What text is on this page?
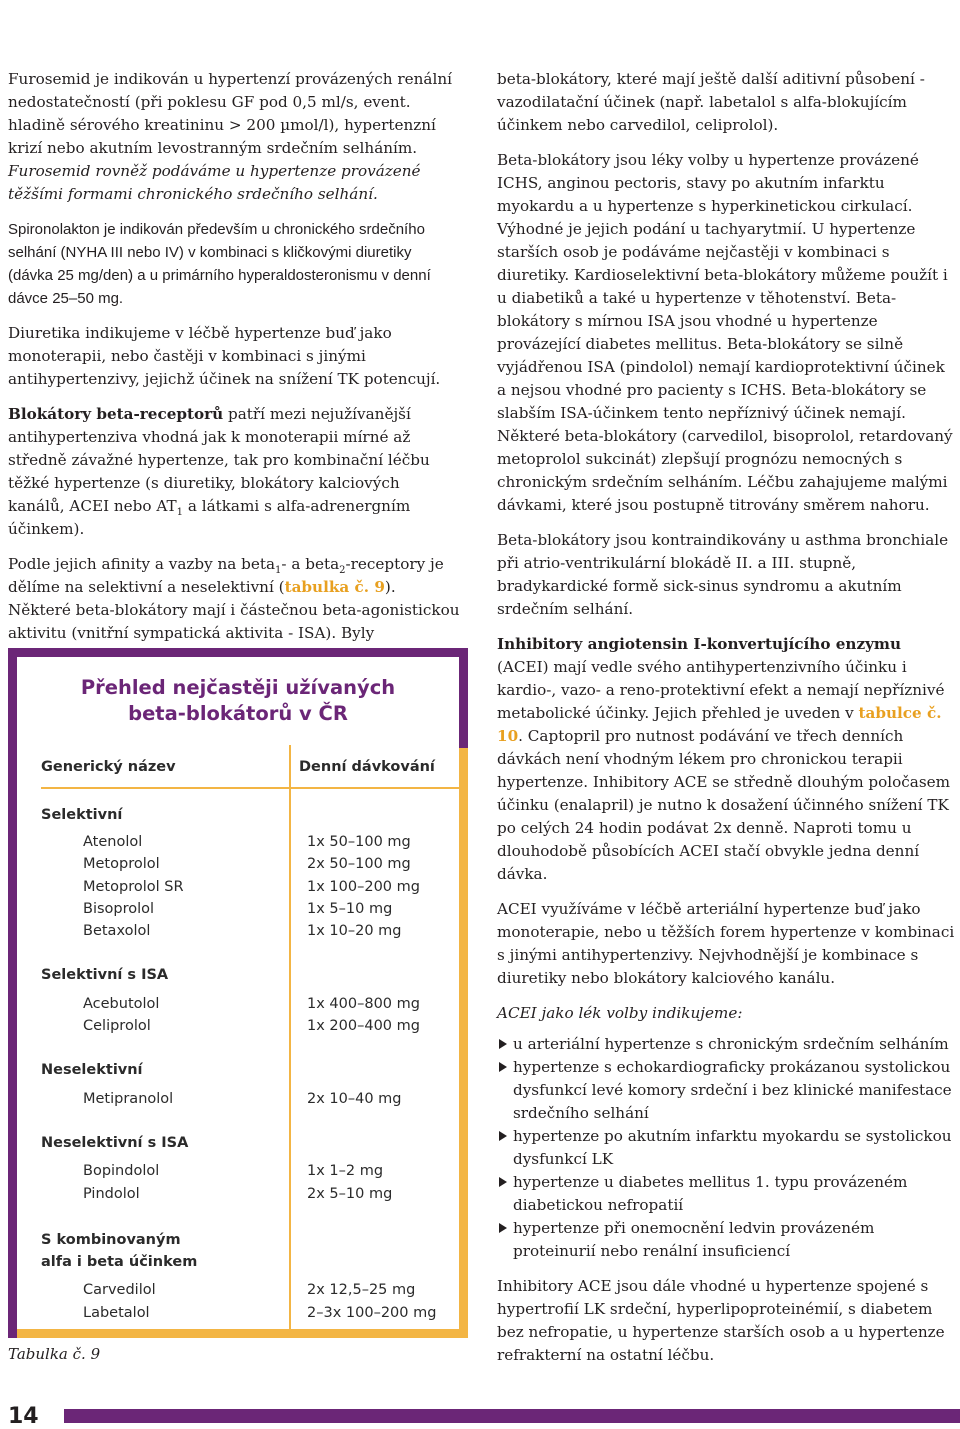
Furosemid je indikován u hypertenzí provázených renální nedostatečností (při poklesu GF pod 0,5 ml/s, event. hladině sérového kreatininu > 200 µmol/l), hypertenzní krizí nebo akutním levostranným srdečním selháním. Furosemid rovněž podáváme u hypertenze provázené těžšími formami chronického srdečního selhání.

Spironolakton je indikován především u chronického srdečního selhání (NYHA III nebo IV) v kombinaci s kličkovými diuretiky (dávka 25 mg/den) a u primárního hyperaldosteronismu v denní dávce 25–50 mg.

Diuretika indikujeme v léčbě hypertenze buď jako monoterapii, nebo častěji v kombinaci s jinými antihypertenzivy, jejichž účinek na snížení TK potencují.

Blokátory beta-receptorů patří mezi nejužívanější antihypertenziva vhodná jak k monoterapii mírné až středně závažné hypertenze, tak pro kombinační léčbu těžké hypertenze (s diuretiky, blokátory kalciových kanálů, ACEI nebo $AT_1$ a látkami s alfa-adrenergním účinkem).

Podle jejich afinity a vazby na beta$_1$- a beta$_2$-receptory je dělíme na selektivní a neselektivní (tabulka č. 9). Některé beta-blokátory mají i částečnou beta-agonistickou aktivitu (vnitřní sympatická aktivita - ISA). Byly

Přehled nejčastěji užívaných
beta-blokátorů v ČR
Generický název	Denní dávkování
Selektivní
Atenolol	1x 50–100 mg
Metoprolol	2x 50–100 mg
Metoprolol SR	1x 100–200 mg
Bisoprolol	1x 5–10 mg
Betaxolol	1x 10–20 mg
Selektivní s ISA
Acebutolol	1x 400–800 mg
Celiprolol	1x 200–400 mg
Neselektivní
Metipranolol	2x 10–40 mg
Neselektivní s ISA
Bopindolol	1x 1–2 mg
Pindolol	2x 5–10 mg
S kombinovaným
alfa i beta účinkem
Carvedilol	2x 12,5–25 mg
Labetalol	2–3x 100–200 mg
Tabulka č. 9

beta-blokátory, které mají ještě další aditivní působení - vazodilatační účinek (např. labetalol s alfa-blokujícím účinkem nebo carvedilol, celiprolol).

Beta-blokátory jsou léky volby u hypertenze provázené ICHS, anginou pectoris, stavy po akutním infarktu myokardu a u hypertenze s hyperkinetickou cirkulací. Výhodné je jejich podání u tachyarytmií. U hypertenze starších osob je podáváme nejčastěji v kombinaci s diuretiky. Kardioselektivní beta-blokátory můžeme použít i u diabetiků a také u hypertenze v těhotenství. Beta-blokátory s mírnou ISA jsou vhodné u hypertenze provázející diabetes mellitus. Beta-blokátory se silně vyjádřenou ISA (pindolol) nemají kardioprotektivní účinek a nejsou vhodné pro pacienty s ICHS. Beta-blokátory se slabším ISA-účinkem tento nepříznivý účinek nemají. Některé beta-blokátory (carvedilol, bisoprolol, retardovaný metoprolol sukcinát) zlepšují prognózu nemocných s chronickým srdečním selháním. Léčbu zahajujeme malými dávkami, které jsou postupně titrovány směrem nahoru.

Beta-blokátory jsou kontraindikovány u asthma bronchiale při atrio-ventrikulární blokádě II. a III. stupně, bradykardické formě sick-sinus syndromu a akutním srdečním selhání.

Inhibitory angiotensin I-konvertujícího enzymu (ACEI) mají vedle svého antihypertenzivního účinku i kardio-, vazo- a reno-protektivní efekt a nemají nepříznivé metabolické účinky. Jejich přehled je uveden v tabulce č. 10. Captopril pro nutnost podávání ve třech denních dávkách není vhodným lékem pro chronickou terapii hypertenze. Inhibitory ACE se středně dlouhým poločasem účinku (enalapril) je nutno k dosažení účinného snížení TK po celých 24 hodin podávat 2x denně. Naproti tomu u dlouhodobě působících ACEI stačí obvykle jedna denní dávka.

ACEI využíváme v léčbě arteriální hypertenze buď jako monoterapie, nebo u těžších forem hypertenze v kombinaci s jinými antihypertenzivy. Nejvhodnější je kombinace s diuretiky nebo blokátory kalciového kanálu.

ACEI jako lék volby indikujeme:

u arteriální hypertenze s chronickým srdečním selháním
hypertenze s echokardiograficky prokázanou systolickou dysfunkcí levé komory srdeční i bez klinické manifestace srdečního selhání
hypertenze po akutním infarktu myokardu se systolickou dysfunkcí LK
hypertenze u diabetes mellitus 1. typu provázeném diabetickou nefropatií
hypertenze při onemocnění ledvin provázeném proteinurií nebo renální insuficiencí

Inhibitory ACE jsou dále vhodné u hypertenze spojené s hypertrofií LK srdeční, hyperlipoproteinémií, s diabetem bez nefropatie, u hypertenze starších osob a u hypertenze refrakterní na ostatní léčbu.

14
